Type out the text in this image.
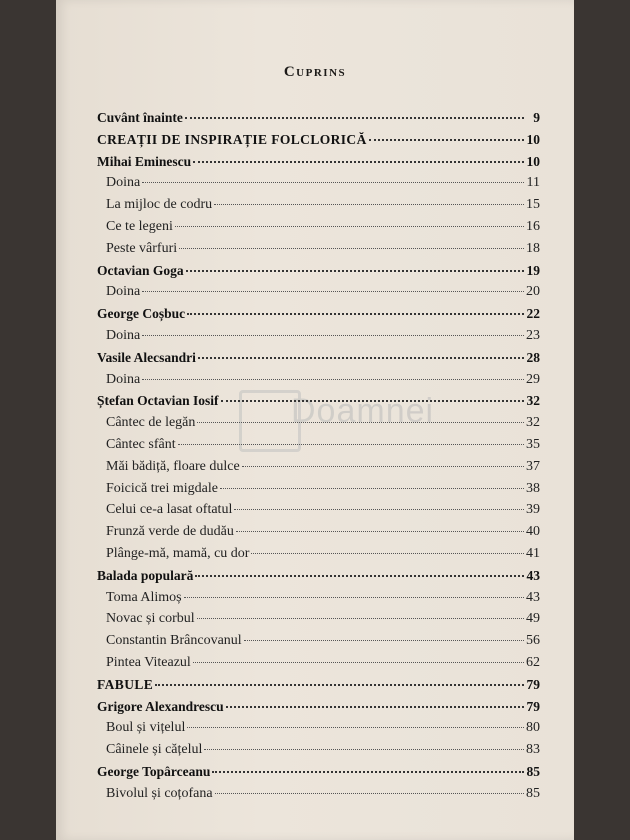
Cuprins
Doamnei
Cuvânt înainte	9
CREAȚII DE INSPIRAȚIE FOLCLORICĂ	10
Mihai Eminescu	10
Doina	11
La mijloc de codru	15
Ce te legeni	16
Peste vârfuri	18
Octavian Goga	19
Doina	20
George Coșbuc	22
Doina	23
Vasile Alecsandri	28
Doina	29
Ștefan Octavian Iosif	32
Cântec de legăn	32
Cântec sfânt	35
Măi bădiță, floare dulce	37
Foicică trei migdale	38
Celui ce-a lasat oftatul	39
Frunză verde de dudău	40
Plânge-mă, mamă, cu dor	41
Balada populară	43
Toma Alimoș	43
Novac și corbul	49
Constantin Brâncovanul	56
Pintea Viteazul	62
FABULE	79
Grigore Alexandrescu	79
Boul și vițelul	80
Câinele și cățelul	83
George Topârceanu	85
Bivolul și coțofana	85
